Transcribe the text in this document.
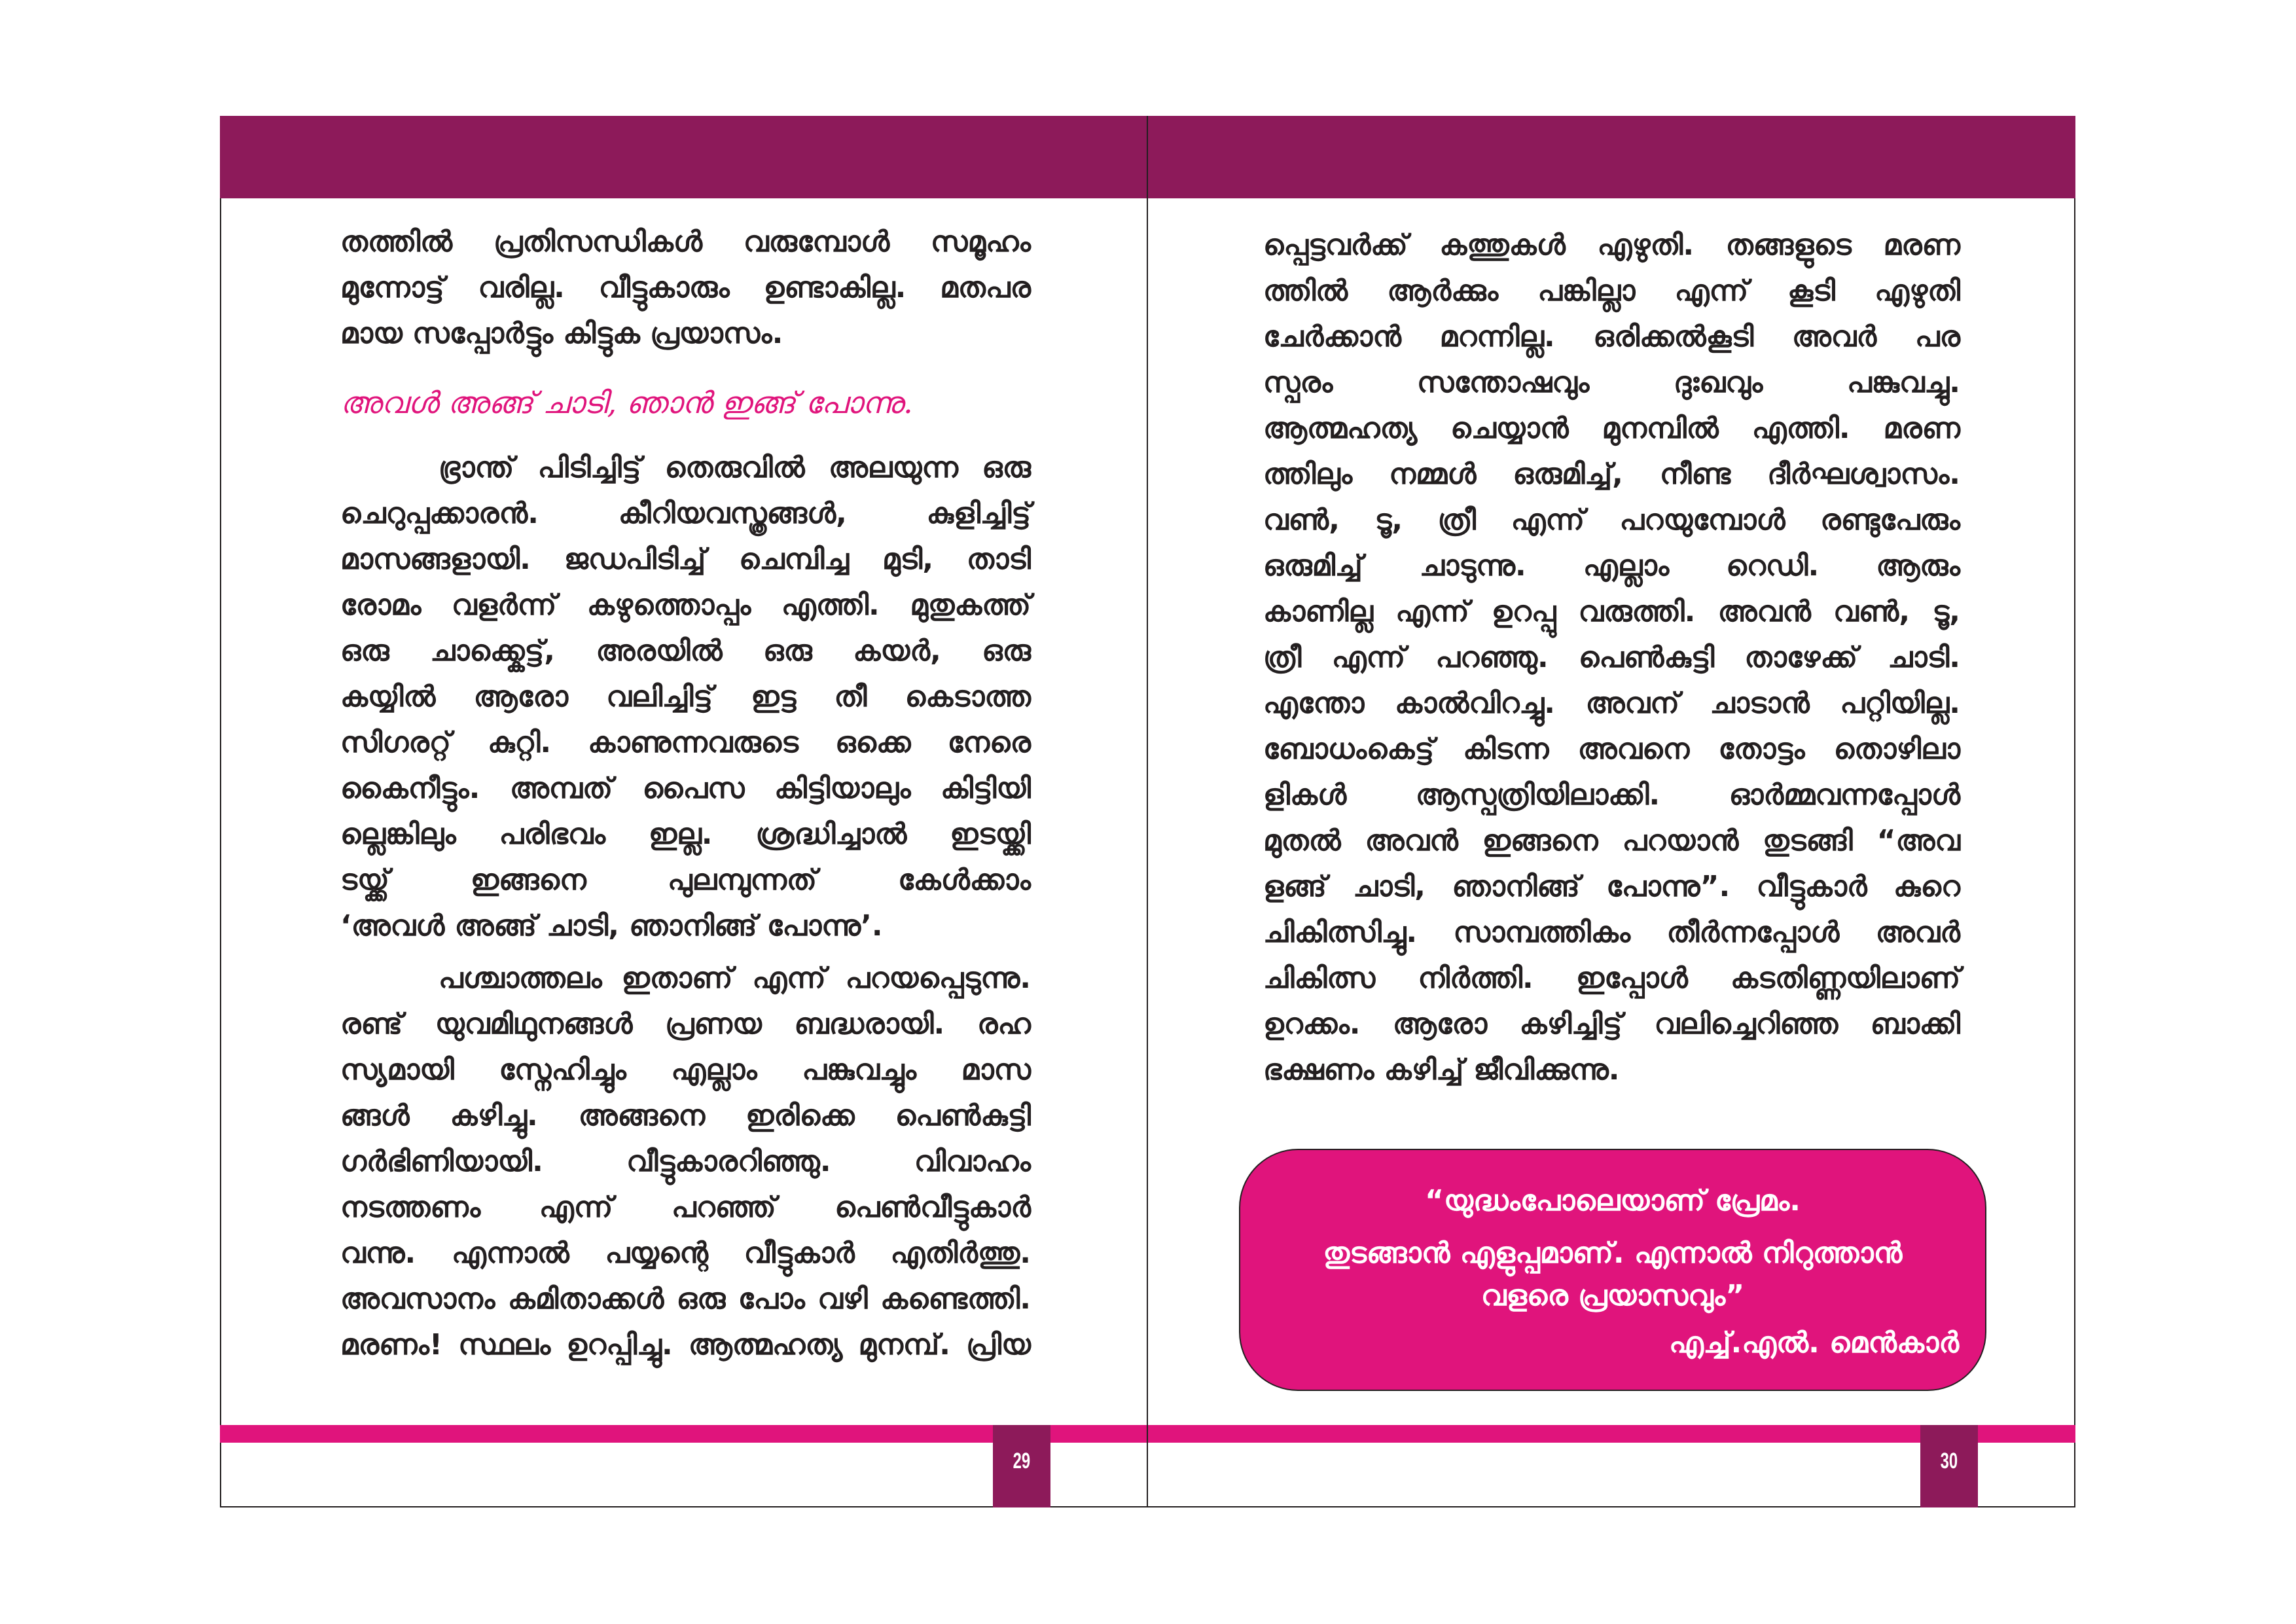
തത്തിൽ പ്രതിസന്ധികൾ വരുമ്പോൾ സമൂഹം
മുന്നോട്ട് വരില്ല. വീട്ടുകാരും ഉണ്ടാകില്ല. മതപര
മായ സപ്പോർട്ടും കിട്ടുക പ്രയാസം.
അവൾ അങ്ങ് ചാടി, ഞാൻ ഇങ്ങ് പോന്നു.
ഭ്രാന്ത് പിടിച്ചിട്ട് തെരുവിൽ അലയുന്ന ഒരു
ചെറുപ്പക്കാരൻ. കീറിയവസ്ത്രങ്ങൾ, കുളിച്ചിട്ട്
മാസങ്ങളായി. ജഡപിടിച്ച് ചെമ്പിച്ച മുടി, താടി
രോമം വളർന്ന് കഴുത്തൊപ്പം എത്തി. മുതുകത്ത്
ഒരു ചാക്ക്കെട്ട്, അരയിൽ ഒരു കയർ, ഒരു
കയ്യിൽ ആരോ വലിച്ചിട്ട് ഇട്ട തീ കെടാത്ത
സിഗരറ്റ് കുറ്റി. കാണുന്നവരുടെ ഒക്കെ നേരെ
കൈനീട്ടും. അമ്പത് പൈസ കിട്ടിയാലും കിട്ടിയി
ല്ലെങ്കിലും പരിഭവം ഇല്ല. ശ്രദ്ധിച്ചാൽ ഇടയ്ക്കി
ടയ്ക്ക് ഇങ്ങനെ പുലമ്പുന്നത് കേൾക്കാം
‘അവൾ അങ്ങ് ചാടി, ഞാനിങ്ങ് പോന്നു’.
പശ്ചാത്തലം ഇതാണ് എന്ന് പറയപ്പെടുന്നു.
രണ്ട് യുവമിഥുനങ്ങൾ പ്രണയ ബദ്ധരായി. രഹ
സ്യമായി സ്നേഹിച്ചും എല്ലാം പങ്കുവച്ചും മാസ
ങ്ങൾ കഴിച്ചു. അങ്ങനെ ഇരിക്കെ പെൺകുട്ടി
ഗർഭിണിയായി. വീട്ടുകാരറിഞ്ഞു. വിവാഹം
നടത്തണം എന്ന് പറഞ്ഞ് പെൺവീട്ടുകാർ
വന്നു. എന്നാൽ പയ്യന്റെ വീട്ടുകാർ എതിർത്തു.
അവസാനം കമിതാക്കൾ ഒരു പോം വഴി കണ്ടെത്തി.
മരണം! സ്ഥലം ഉറപ്പിച്ചു. ആത്മഹത്യ മുനമ്പ്. പ്രിയ
29
പ്പെട്ടവർക്ക് കത്തുകൾ എഴുതി. തങ്ങളുടെ മരണ
ത്തിൽ ആർക്കും പങ്കില്ലാ എന്ന് കൂടി എഴുതി
ചേർക്കാൻ മറന്നില്ല. ഒരിക്കൽകൂടി അവർ പര
സ്പരം സന്തോഷവും ദുഃഖവും പങ്കുവച്ചു.
ആത്മഹത്യ ചെയ്യാൻ മുനമ്പിൽ എത്തി. മരണ
ത്തിലും നമ്മൾ ഒരുമിച്ച്, നീണ്ട ദീർഘശ്വാസം.
വൺ, ടൂ, ത്രീ എന്ന് പറയുമ്പോൾ രണ്ടുപേരും
ഒരുമിച്ച് ചാടുന്നു. എല്ലാം റെഡി. ആരും
കാണില്ല എന്ന് ഉറപ്പു വരുത്തി. അവൻ വൺ, ടൂ,
ത്രീ എന്ന് പറഞ്ഞു. പെൺകുട്ടി താഴേക്ക് ചാടി.
എന്തോ കാൽവിറച്ചു. അവന് ചാടാൻ പറ്റിയില്ല.
ബോധംകെട്ട് കിടന്ന അവനെ തോട്ടം തൊഴിലാ
ളികൾ ആസ്പത്രിയിലാക്കി. ഓർമ്മവന്നപ്പോൾ
മുതൽ അവൻ ഇങ്ങനെ പറയാൻ തുടങ്ങി “അവ
ളങ്ങ് ചാടി, ഞാനിങ്ങ് പോന്നു”. വീട്ടുകാർ കുറെ
ചികിത്സിച്ചു. സാമ്പത്തികം തീർന്നപ്പോൾ അവർ
ചികിത്സ നിർത്തി. ഇപ്പോൾ കടതിണ്ണയിലാണ്
ഉറക്കം. ആരോ കഴിച്ചിട്ട് വലിച്ചെറിഞ്ഞ ബാക്കി
ഭക്ഷണം കഴിച്ച് ജീവിക്കുന്നു.
“യുദ്ധംപോലെയാണ് പ്രേമം.
തുടങ്ങാൻ എളുപ്പമാണ്. എന്നാൽ നിറുത്താൻ
വളരെ പ്രയാസവും”
എച്ച്.എൽ. മെൻകാർ
30
